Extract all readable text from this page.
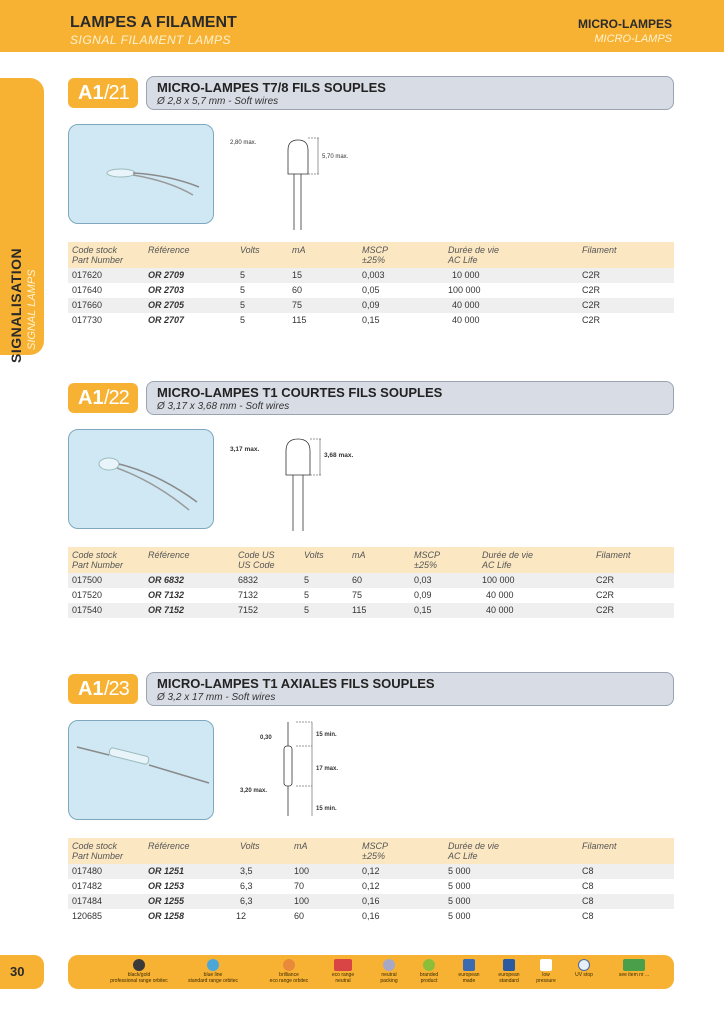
LAMPES A FILAMENT
SIGNAL FILAMENT LAMPS
MICRO-LAMPES
MICRO-LAMPS
SIGNALISATION SIGNAL LAMPS
A1 /21 MICRO-LAMPES T7/8 FILS SOUPLES
Ø 2,8 x 5,7 mm - Soft wires
2,80 max.
5,70 max.
Code stock
Part Number
Référence	Volts	mA	MSCP
±25%
Durée de vie
AC Life
Filament
017620	OR 2709	5	15	0,003	10 000	C2R
017640	OR 2703	5	60	0,05	100 000	C2R
017660	OR 2705	5	75	0,09	40 000	C2R
017730	OR 2707	5	115	0,15	40 000	C2R
A1 /22 MICRO-LAMPES T1 COURTES FILS SOUPLES
Ø 3,17 x 3,68 mm - Soft wires
3,17 max.
3,68 max.
Code stock
Part Number
Référence	Code US
US Code
Volts	mA	MSCP
±25%
Durée de vie
AC Life
Filament
017500	OR 6832	6832	5	60	0,03	100 000	C2R
017520	OR 7132	7132	5	75	0,09	40 000	C2R
017540	OR 7152	7152	5	115	0,15	40 000	C2R
A1 /23 MICRO-LAMPES T1 AXIALES FILS SOUPLES
Ø 3,2 x 17 mm - Soft wires
0,30	15 min.
17 max.
3,20 max.
15 min.
Code stock
Part Number
Référence	Volts	mA	MSCP
±25%
Durée de vie
AC Life
Filament
017480	OR 1251	3,5	100	0,12	5 000	C8
017482	OR 1253	6,3	70	0,12	5 000	C8
017484	OR 1255	6,3	100	0,16	5 000	C8
120685	OR 1258	12	60	0,16	5 000	C8
30	black/gold
professional range orbitec
blue line
standard range orbitec
brilliance
eco range orbitec
eco range
neutral
neutral
packing
branded
product
european
made
european
standard
low
pressure
UV stop	see item nr ...
